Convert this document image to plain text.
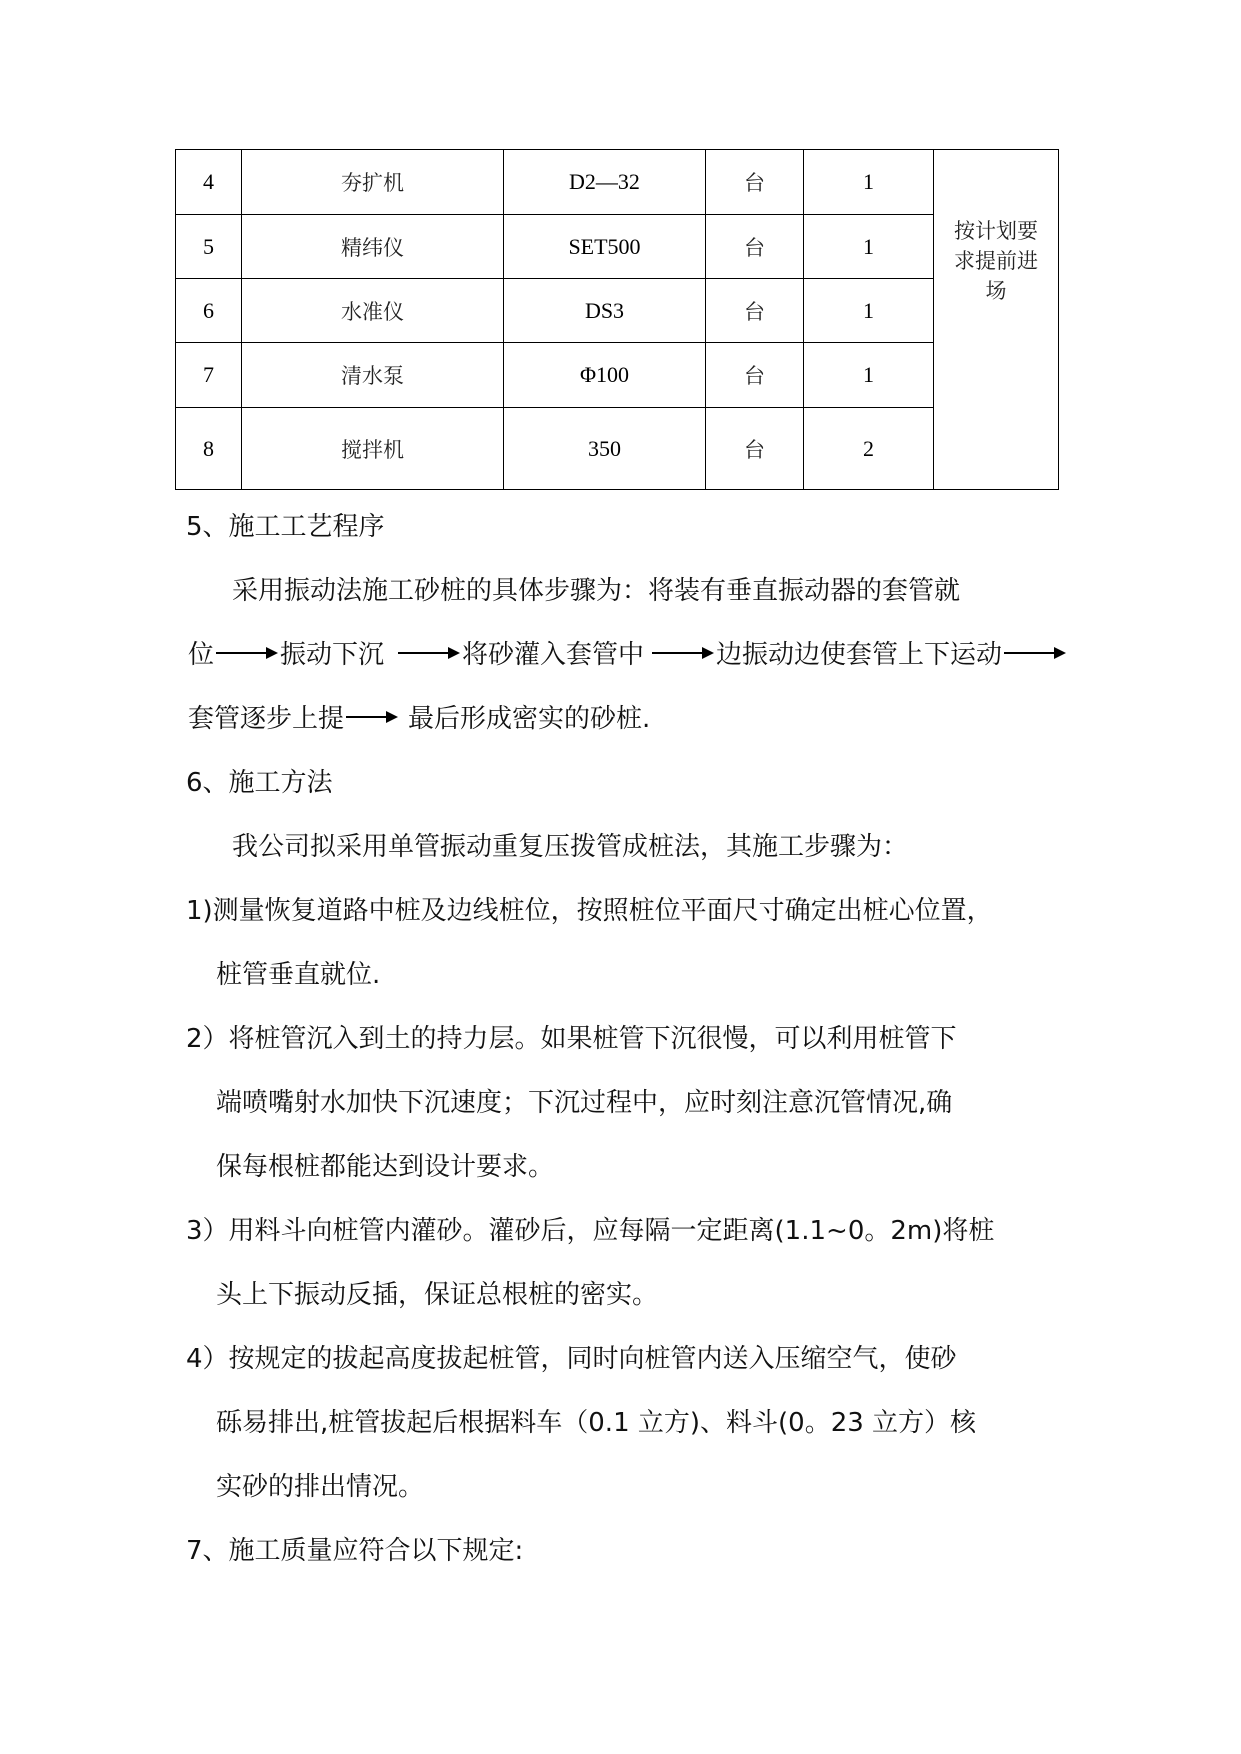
4	夯扩机	D2—32	台	1	按计划要求提前进场
5	精纬仪	SET500	台	1	
6	水准仪	DS3	台	1	
7	清水泵	Φ100	台	1	
8	搅拌机	350	台	2	
5、施工工艺程序
采用振动法施工砂桩的具体步骤为：将装有垂直振动器的套管就
位	振动下沉	将砂灌入套管中	边振动边使套管上下运动
套管逐步上提 最后形成密实的砂桩.
6、施工方法
我公司拟采用单管振动重复压拨管成桩法，其施工步骤为：
1)测量恢复道路中桩及边线桩位，按照桩位平面尺寸确定出桩心位置，
桩管垂直就位.
2）将桩管沉入到土的持力层。如果桩管下沉很慢，可以利用桩管下
端喷嘴射水加快下沉速度；下沉过程中，应时刻注意沉管情况,确
保每根桩都能达到设计要求。
3）用料斗向桩管内灌砂。灌砂后，应每隔一定距离(1.1~0。2m)将桩
头上下振动反插，保证总根桩的密实。
4）按规定的拔起高度拔起桩管，同时向桩管内送入压缩空气，使砂
砾易排出,桩管拔起后根据料车（0.1 立方)、料斗(0。23 立方）核
实砂的排出情况。
7、施工质量应符合以下规定:
